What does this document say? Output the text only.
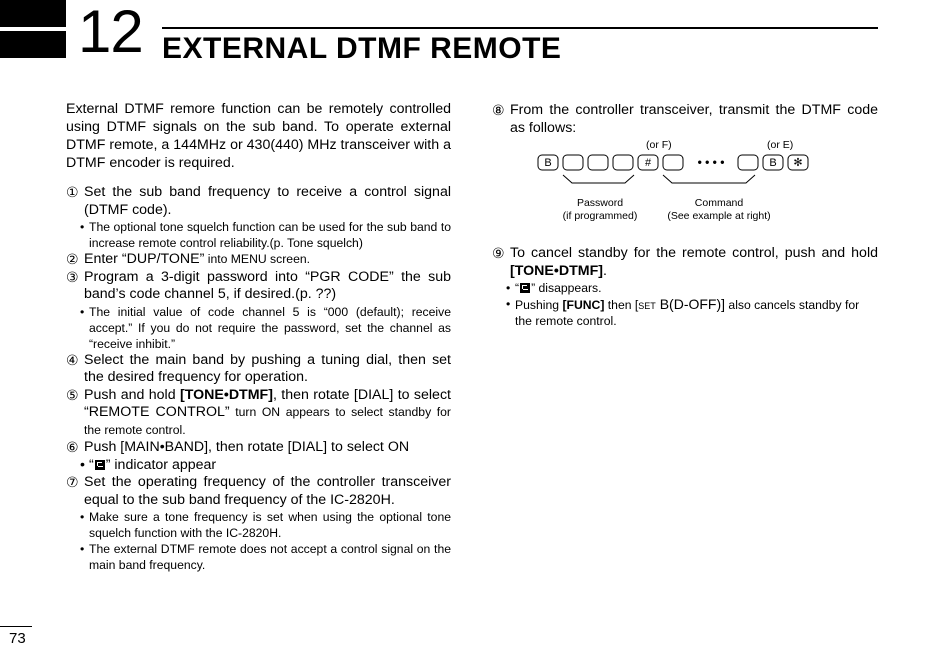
12 EXTERNAL DTMF REMOTE

External DTMF remore function can be remotely controlled using DTMF signals on the sub band. To operate external DTMF remote, a 144MHz or 430(440) MHz transceiver with a DTMF encoder is required.

① Set the sub band frequency to receive a control signal (DTMF code).
• The optional tone squelch function can be used for the sub band to increase remote control reliability.(p. Tone squelch)
② Enter “DUP/TONE” into MENU screen.
③ Program a 3-digit password into “PGR CODE” the sub band’s code channel 5, if desired.(p. ??)
• The initial value of code channel 5 is “000 (default); receive accept.” If you do not require the password, set the channel as “receive inhibit.”
④ Select the main band by pushing a tuning dial, then set the desired frequency for operation.
⑤ Push and hold [TONE•DTMF], then rotate [DIAL] to select “REMOTE CONTROL” turn ON appears to select standby for the remote control.
⑥ Push [MAIN•BAND], then rotate [DIAL] to select ON
• “ ” indicator appear
⑦ Set the operating frequency of the controller transceiver equal to the sub band frequency of the IC-2820H.
• Make sure a tone frequency is set when using the optional tone squelch function with the IC-2820H.
• The external DTMF remote does not accept a control signal on the main band frequency.
⑧ From the controller transceiver, transmit the DTMF code as follows:
(or F)	(or E)
B	#	• • • •	B	✻
Password
(if programmed)
Command
(See example at right)
⑨ To cancel standby for the remote control, push and hold [TONE•DTMF].
• “ ” disappears.
• Pushing [FUNC] then [set B(D-OFF)] also cancels standby for the remote control.
73
